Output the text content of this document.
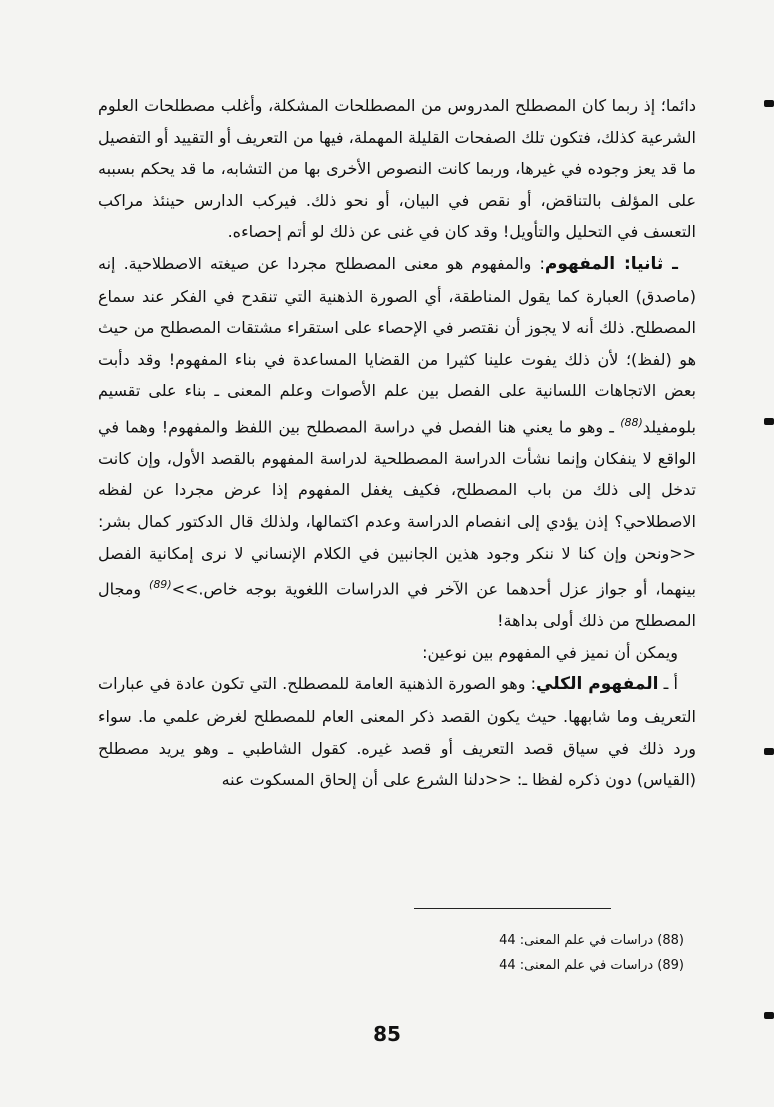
دائما؛ إذ ربما كان المصطلح المدروس من المصطلحات المشكلة، وأغلب مصطلحات العلوم الشرعية كذلك، فتكون تلك الصفحات القليلة المهملة، فيها من التعريف أو التقييد أو التفصيل ما قد يعز وجوده في غيرها، وربما كانت النصوص الأخرى بها من التشابه، ما قد يحكم بسببه على المؤلف بالتناقض، أو نقص في البيان، أو نحو ذلك. فيركب الدارس حينئذ مراكب التعسف في التحليل والتأويل! وقد كان في غنى عن ذلك لو أتم إحصاءه.

ـ ثانيا: المفهوم: والمفهوم هو معنى المصطلح مجردا عن صيغته الاصطلاحية. إنه (ماصدق) العبارة كما يقول المناطقة، أي الصورة الذهنية التي تنقدح في الفكر عند سماع المصطلح. ذلك أنه لا يجوز أن نقتصر في الإحصاء على استقراء مشتقات المصطلح من حيث هو (لفظ)؛ لأن ذلك يفوت علينا كثيرا من القضايا المساعدة في بناء المفهوم! وقد دأبت بعض الاتجاهات اللسانية على الفصل بين علم الأصوات وعلم المعنى ـ بناء على تقسيم بلومفيلد$^{(88)}$ ـ وهو ما يعني هنا الفصل في دراسة المصطلح بين اللفظ والمفهوم! وهما في الواقع لا ينفكان وإنما نشأت الدراسة المصطلحية لدراسة المفهوم بالقصد الأول، وإن كانت تدخل إلى ذلك من باب المصطلح، فكيف يغفل المفهوم إذا عرض مجردا عن لفظه الاصطلاحي؟ إذن يؤدي إلى انفصام الدراسة وعدم اكتمالها، ولذلك قال الدكتور كمال بشر: <<ونحن وإن كنا لا ننكر وجود هذين الجانبين في الكلام الإنساني لا نرى إمكانية الفصل بينهما، أو جواز عزل أحدهما عن الآخر في الدراسات اللغوية بوجه خاص.>>$^{(89)}$ ومجال المصطلح من ذلك أولى بداهة!

ويمكن أن نميز في المفهوم بين نوعين:

أ ـ المفهوم الكلي: وهو الصورة الذهنية العامة للمصطلح. التي تكون عادة في عبارات التعريف وما شابهها. حيث يكون القصد ذكر المعنى العام للمصطلح لغرض علمي ما. سواء ورد ذلك في سياق قصد التعريف أو قصد غيره. كقول الشاطبي ـ وهو يريد مصطلح (القياس) دون ذكره لفظا ـ: <<دلنا الشرع على أن إلحاق المسكوت عنه

(88) دراسات في علم المعنى: 44
(89) دراسات في علم المعنى: 44
85
